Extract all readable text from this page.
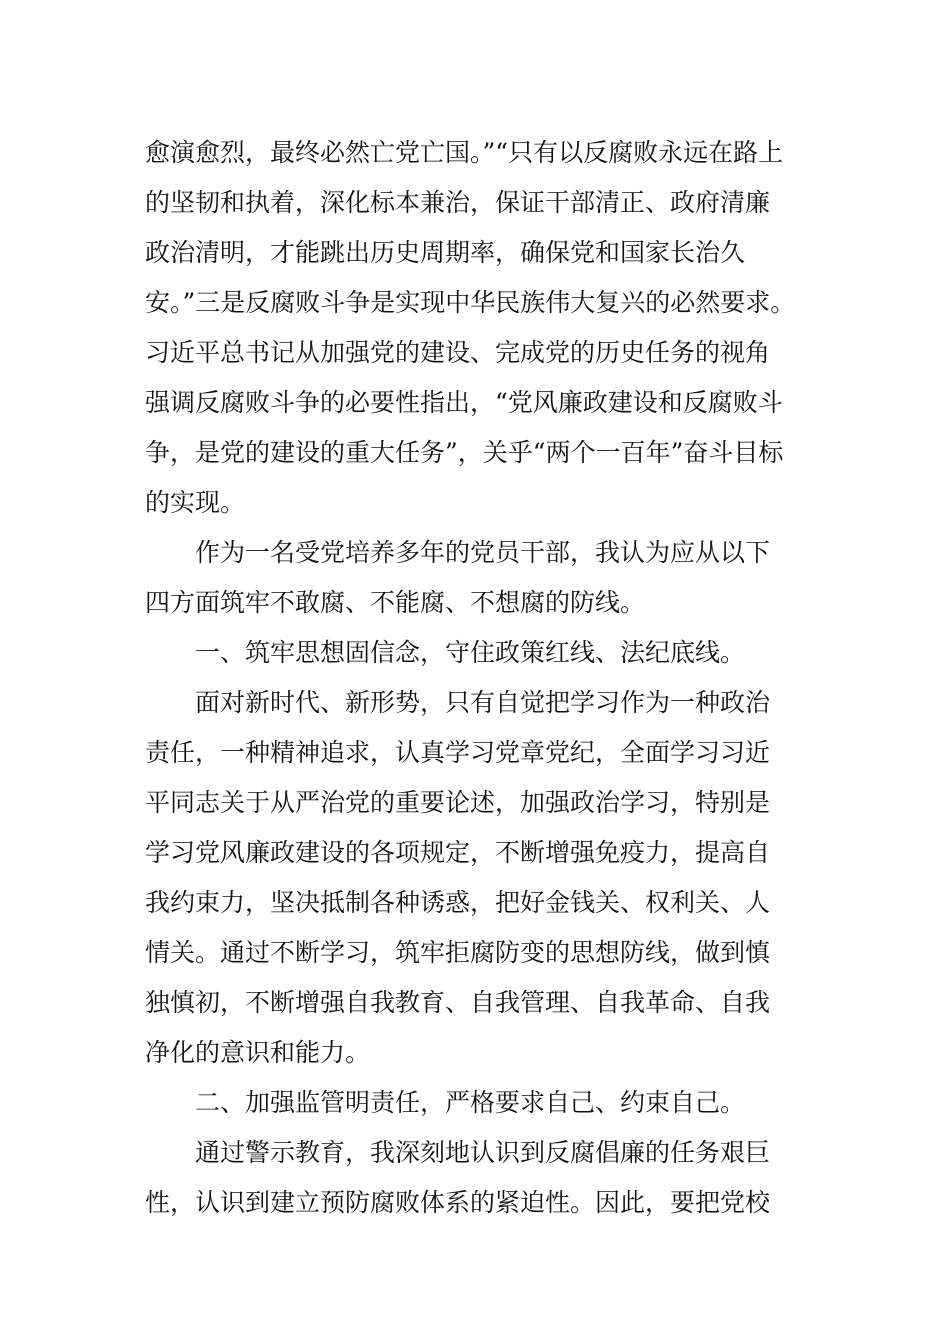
愈演愈烈，最终必然亡党亡国。”“只有以反腐败永远在路上
的坚韧和执着，深化标本兼治，保证干部清正、政府清廉
政治清明，才能跳出历史周期率，确保党和国家长治久
安。”三是反腐败斗争是实现中华民族伟大复兴的必然要求。
习近平总书记从加强党的建设、完成党的历史任务的视角
强调反腐败斗争的必要性指出，“党风廉政建设和反腐败斗
争，是党的建设的重大任务”，关乎“两个一百年”奋斗目标
的实现。
作为一名受党培养多年的党员干部，我认为应从以下
四方面筑牢不敢腐、不能腐、不想腐的防线。
一、筑牢思想固信念，守住政策红线、法纪底线。
面对新时代、新形势，只有自觉把学习作为一种政治
责任，一种精神追求，认真学习党章党纪，全面学习习近
平同志关于从严治党的重要论述，加强政治学习，特别是
学习党风廉政建设的各项规定，不断增强免疫力，提高自
我约束力，坚决抵制各种诱惑，把好金钱关、权利关、人
情关。通过不断学习，筑牢拒腐防变的思想防线，做到慎
独慎初，不断增强自我教育、自我管理、自我革命、自我
净化的意识和能力。
二、加强监管明责任，严格要求自己、约束自己。
通过警示教育，我深刻地认识到反腐倡廉的任务艰巨
性，认识到建立预防腐败体系的紧迫性。因此，要把党校
